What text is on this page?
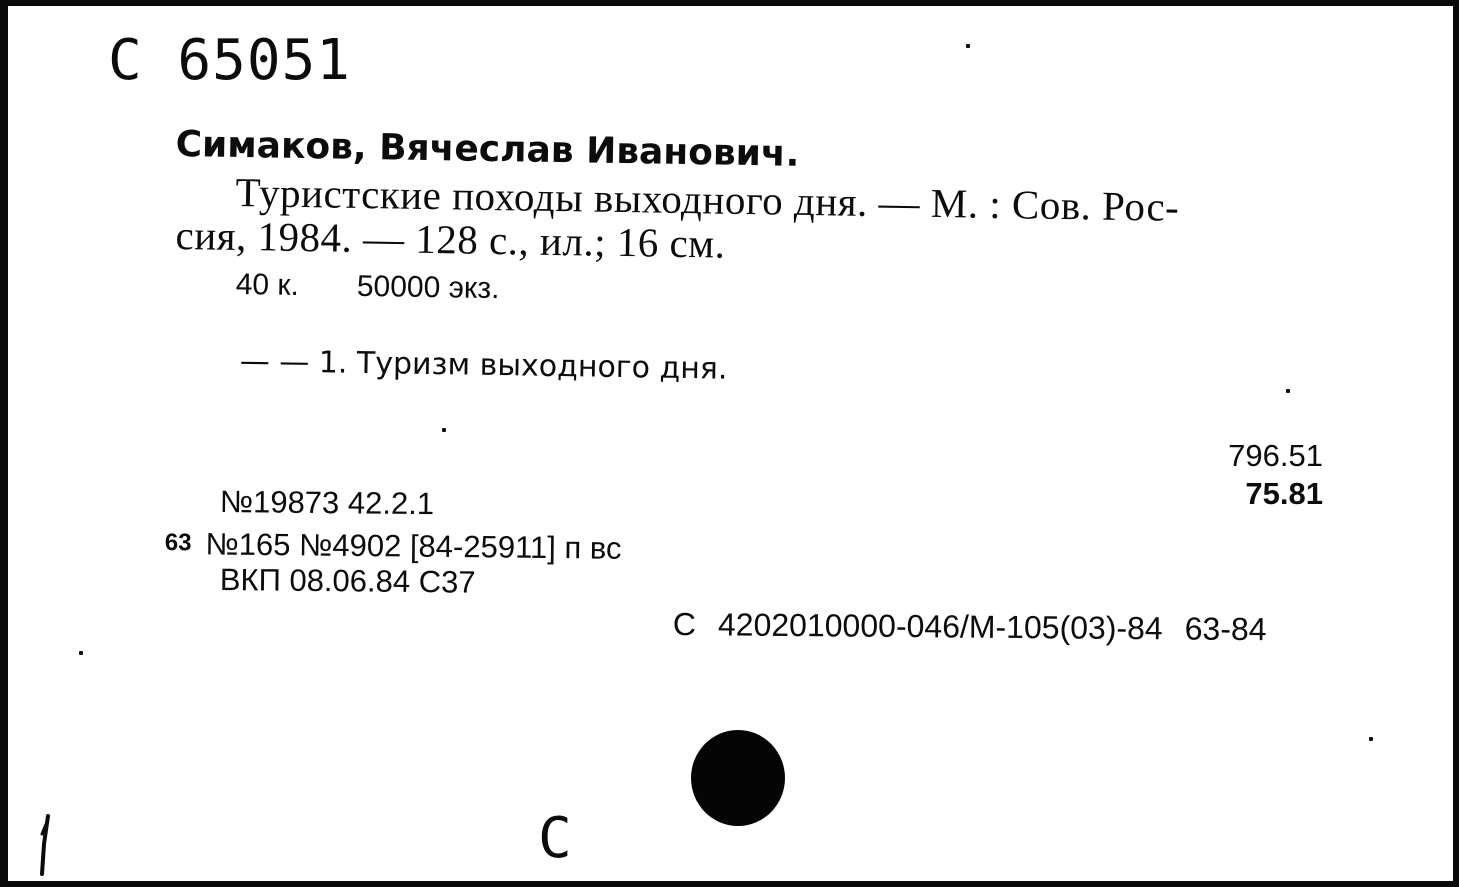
С 65051
Симаков, Вячеслав Иванович.
Туристские походы выходного дня. — М. : Сов. Рос-
сия, 1984. — 128 с., ил.; 16 см.
40 к. 50000 экз.
— — 1. Туризм выходного дня.
796.51
75.81
№19873 42.2.1
63 №165 №4902 [84-25911] п вс
ВКП 08.06.84 С37
С 4202010000-046/М-105(03)-84 63-84
С
